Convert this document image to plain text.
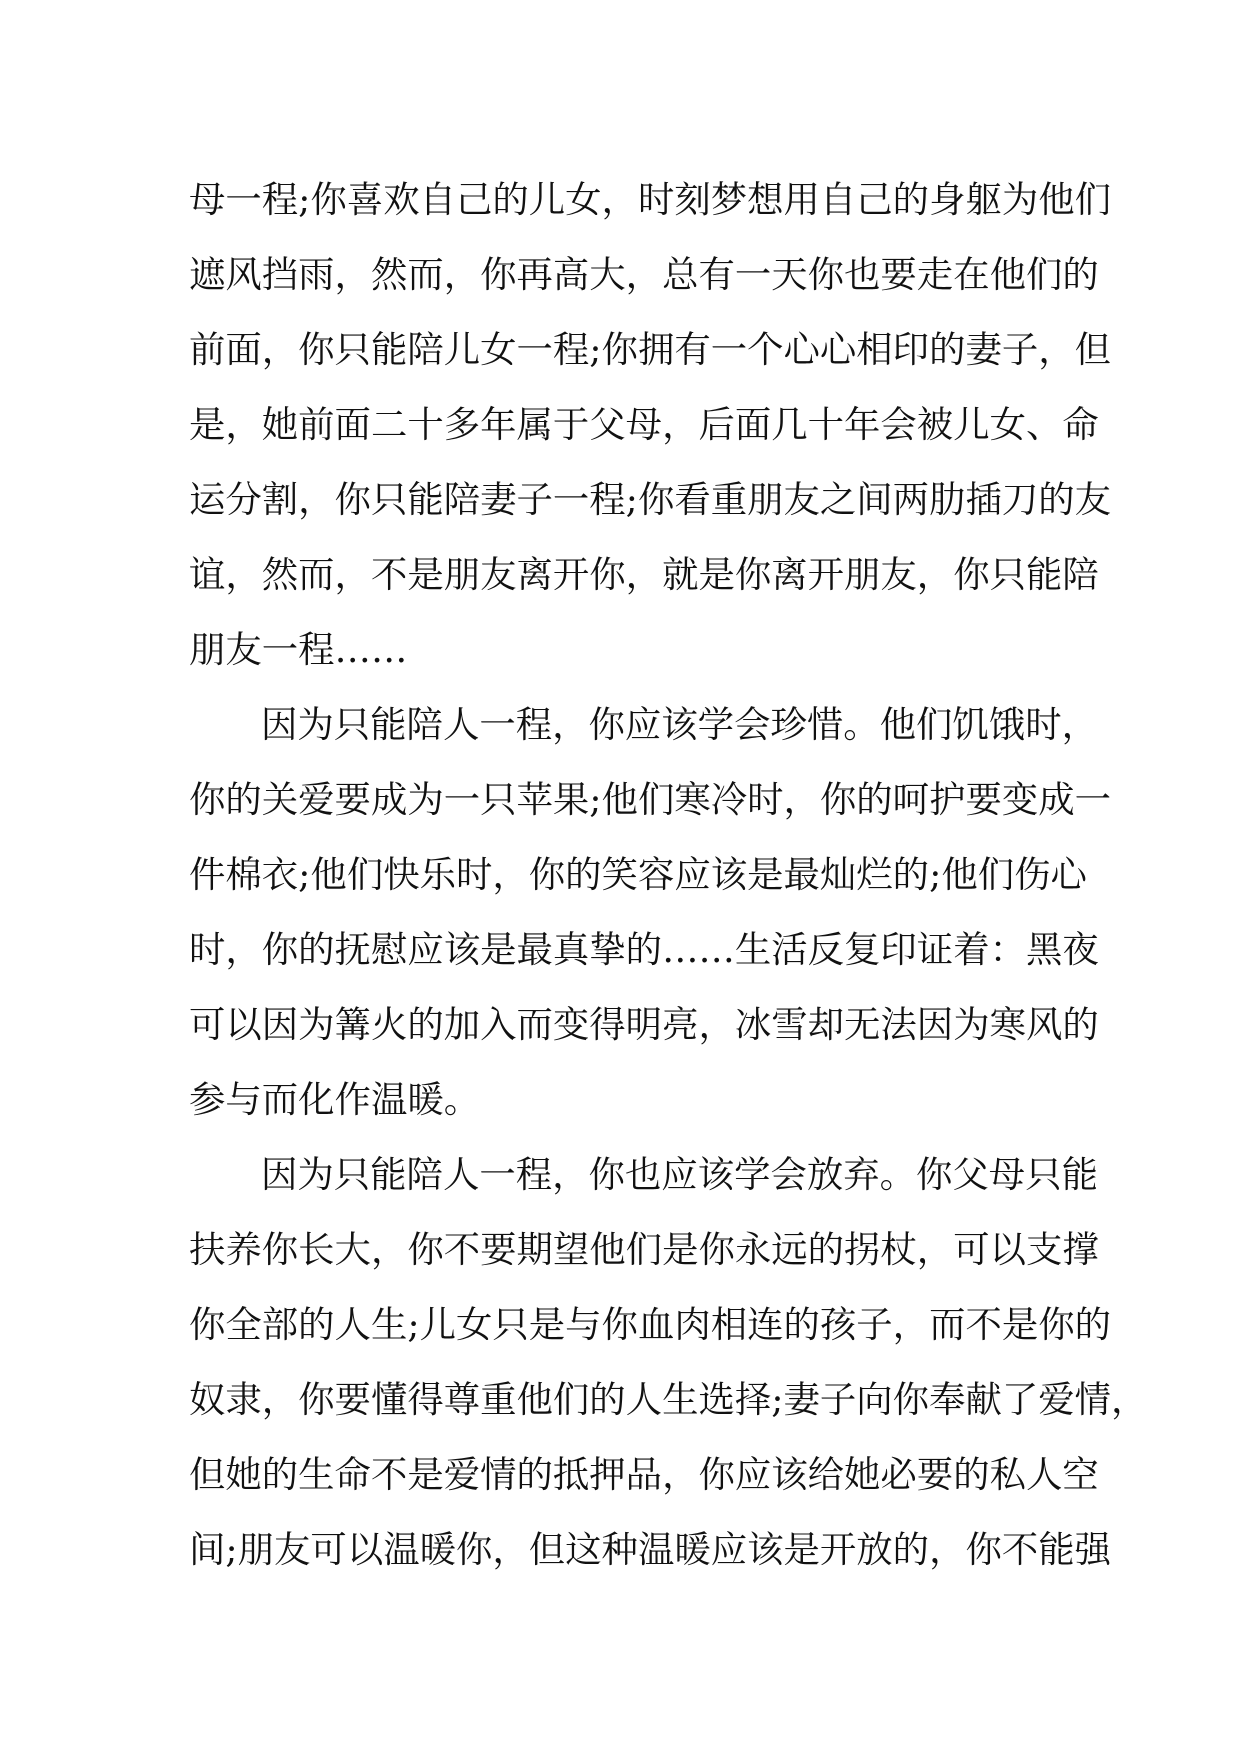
母一程;你喜欢自己的儿女，时刻梦想用自己的身躯为他们
遮风挡雨，然而，你再高大，总有一天你也要走在他们的
前面，你只能陪儿女一程;你拥有一个心心相印的妻子，但
是，她前面二十多年属于父母，后面几十年会被儿女、命
运分割，你只能陪妻子一程;你看重朋友之间两肋插刀的友
谊，然而，不是朋友离开你，就是你离开朋友，你只能陪
朋友一程……
因为只能陪人一程，你应该学会珍惜。他们饥饿时，
你的关爱要成为一只苹果;他们寒冷时，你的呵护要变成一
件棉衣;他们快乐时，你的笑容应该是最灿烂的;他们伤心
时，你的抚慰应该是最真挚的……生活反复印证着：黑夜
可以因为篝火的加入而变得明亮，冰雪却无法因为寒风的
参与而化作温暖。
因为只能陪人一程，你也应该学会放弃。你父母只能
扶养你长大，你不要期望他们是你永远的拐杖，可以支撑
你全部的人生;儿女只是与你血肉相连的孩子，而不是你的
奴隶，你要懂得尊重他们的人生选择;妻子向你奉献了爱情，
但她的生命不是爱情的抵押品，你应该给她必要的私人空
间;朋友可以温暖你，但这种温暖应该是开放的，你不能强
